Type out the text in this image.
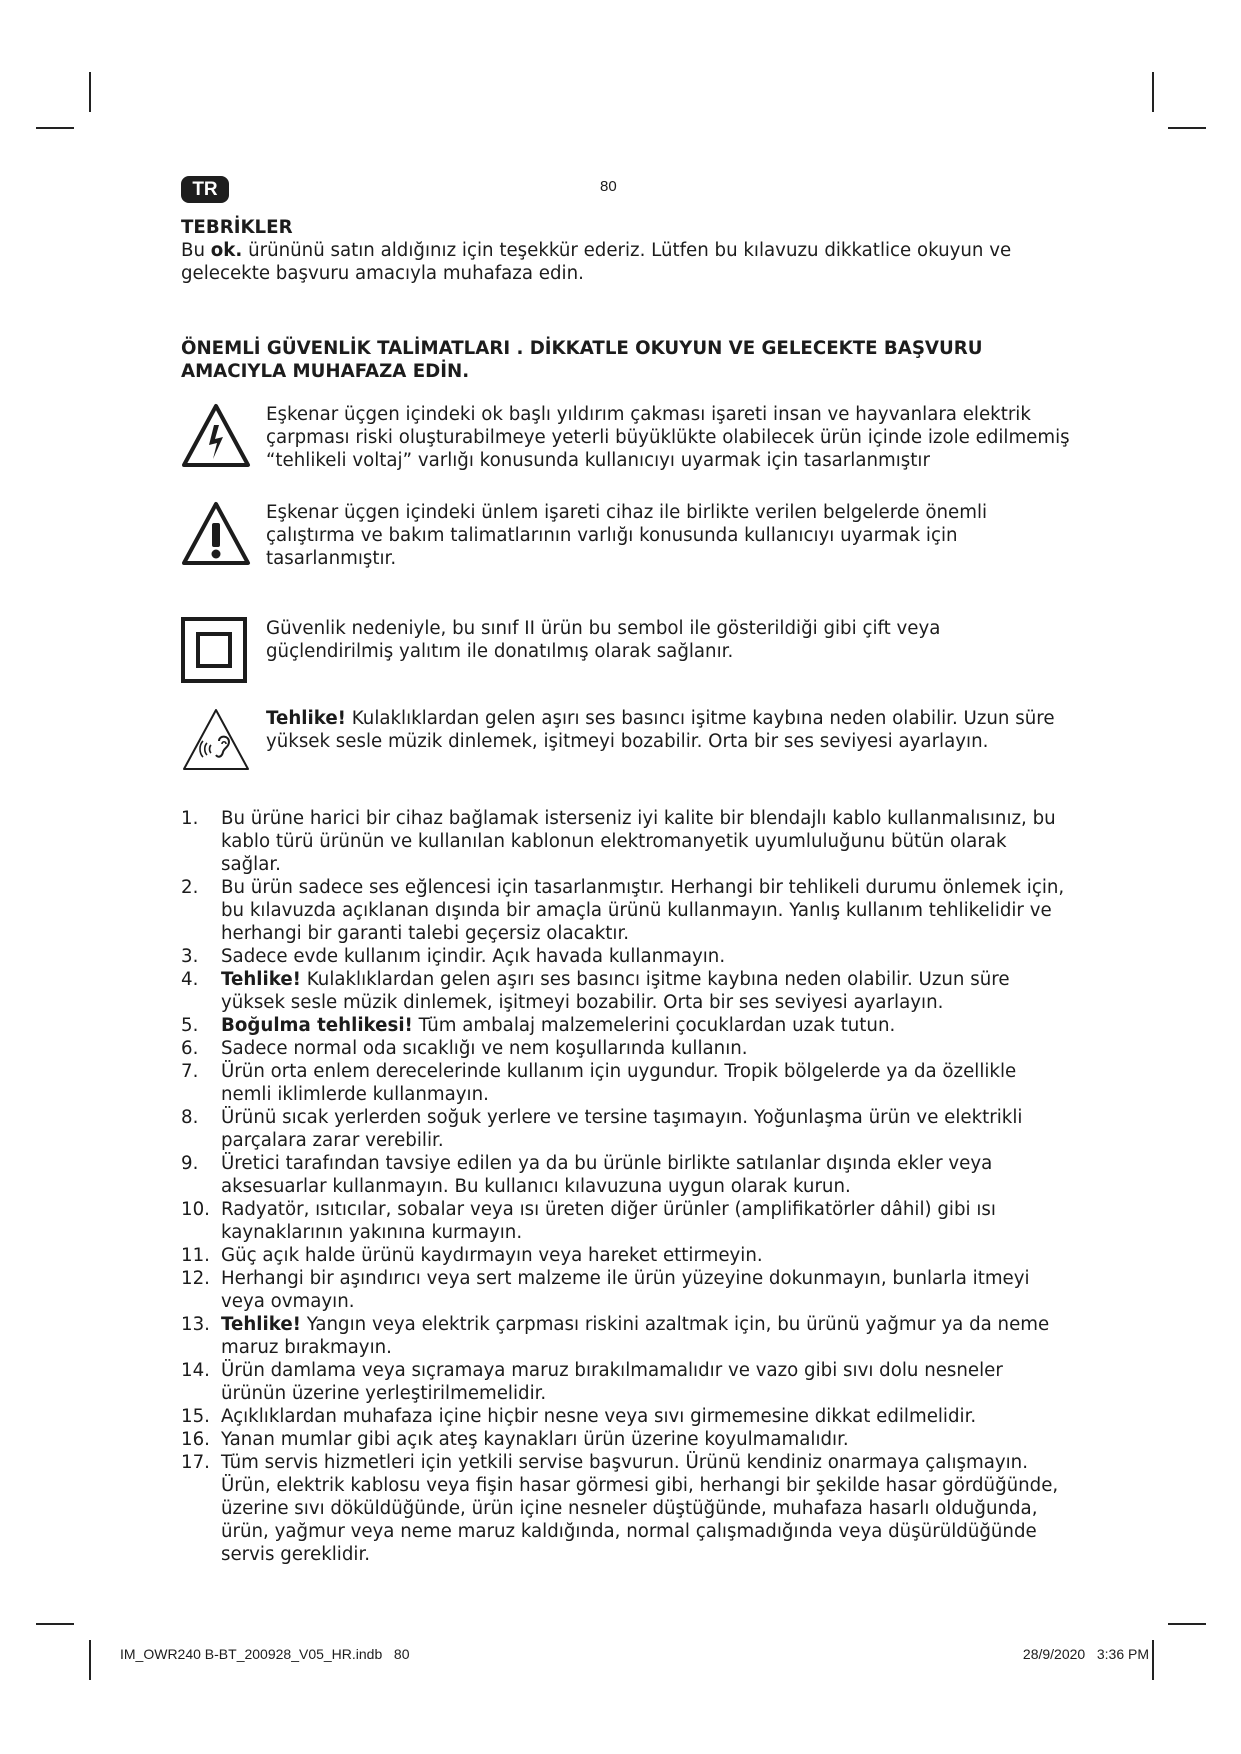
TR	80

TEBRİKLER

Bu ok. ürününü satın aldığınız için teşekkür ederiz. Lütfen bu kılavuzu dikkatlice okuyun ve gelecekte başvuru amacıyla muhafaza edin.

ÖNEMLİ GÜVENLİK TALİMATLARI . DİKKATLE OKUYUN VE GELECEKTE BAŞVURU AMACIYLA MUHAFAZA EDİN.

Eşkenar üçgen içindeki ok başlı yıldırım çakması işareti insan ve hayvanlara elektrik çarpması riski oluşturabilmeye yeterli büyüklükte olabilecek ürün içinde izole edilmemiş “tehlikeli voltaj” varlığı konusunda kullanıcıyı uyarmak için tasarlanmıştır
Eşkenar üçgen içindeki ünlem işareti cihaz ile birlikte verilen belgelerde önemli çalıştırma ve bakım talimatlarının varlığı konusunda kullanıcıyı uyarmak için tasarlanmıştır.
Güvenlik nedeniyle, bu sınıf II ürün bu sembol ile gösterildiği gibi çift veya güçlendirilmiş yalıtım ile donatılmış olarak sağlanır.
Tehlike! Kulaklıklardan gelen aşırı ses basıncı işitme kaybına neden olabilir. Uzun süre yüksek sesle müzik dinlemek, işitmeyi bozabilir. Orta bir ses seviyesi ayarlayın.
1. Bu ürüne harici bir cihaz bağlamak isterseniz iyi kalite bir blendajlı kablo kullanmalısınız, bu kablo türü ürünün ve kullanılan kablonun elektromanyetik uyumluluğunu bütün olarak sağlar.
2. Bu ürün sadece ses eğlencesi için tasarlanmıştır. Herhangi bir tehlikeli durumu önlemek için, bu kılavuzda açıklanan dışında bir amaçla ürünü kullanmayın. Yanlış kullanım tehlikelidir ve herhangi bir garanti talebi geçersiz olacaktır.
3. Sadece evde kullanım içindir. Açık havada kullanmayın.
4. Tehlike! Kulaklıklardan gelen aşırı ses basıncı işitme kaybına neden olabilir. Uzun süre yüksek sesle müzik dinlemek, işitmeyi bozabilir. Orta bir ses seviyesi ayarlayın.
5. Boğulma tehlikesi! Tüm ambalaj malzemelerini çocuklardan uzak tutun.
6. Sadece normal oda sıcaklığı ve nem koşullarında kullanın.
7. Ürün orta enlem derecelerinde kullanım için uygundur. Tropik bölgelerde ya da özellikle nemli iklimlerde kullanmayın.
8. Ürünü sıcak yerlerden soğuk yerlere ve tersine taşımayın. Yoğunlaşma ürün ve elektrikli parçalara zarar verebilir.
9. Üretici tarafından tavsiye edilen ya da bu ürünle birlikte satılanlar dışında ekler veya aksesuarlar kullanmayın. Bu kullanıcı kılavuzuna uygun olarak kurun.
10. Radyatör, ısıtıcılar, sobalar veya ısı üreten diğer ürünler (amplifikatörler dâhil) gibi ısı kaynaklarının yakınına kurmayın.
11. Güç açık halde ürünü kaydırmayın veya hareket ettirmeyin.
12. Herhangi bir aşındırıcı veya sert malzeme ile ürün yüzeyine dokunmayın, bunlarla itmeyi veya ovmayın.
13. Tehlike! Yangın veya elektrik çarpması riskini azaltmak için, bu ürünü yağmur ya da neme maruz bırakmayın.
14. Ürün damlama veya sıçramaya maruz bırakılmamalıdır ve vazo gibi sıvı dolu nesneler ürünün üzerine yerleştirilmemelidir.
15. Açıklıklardan muhafaza içine hiçbir nesne veya sıvı girmemesine dikkat edilmelidir.
16. Yanan mumlar gibi açık ateş kaynakları ürün üzerine koyulmamalıdır.
17. Tüm servis hizmetleri için yetkili servise başvurun. Ürünü kendiniz onarmaya çalışmayın. Ürün, elektrik kablosu veya fişin hasar görmesi gibi, herhangi bir şekilde hasar gördüğünde, üzerine sıvı döküldüğünde, ürün içine nesneler düştüğünde, muhafaza hasarlı olduğunda, ürün, yağmur veya neme maruz kaldığında, normal çalışmadığında veya düşürüldüğünde servis gereklidir.
IM_OWR240 B-BT_200928_V05_HR.indb   80	28/9/2020   3:36 PM
